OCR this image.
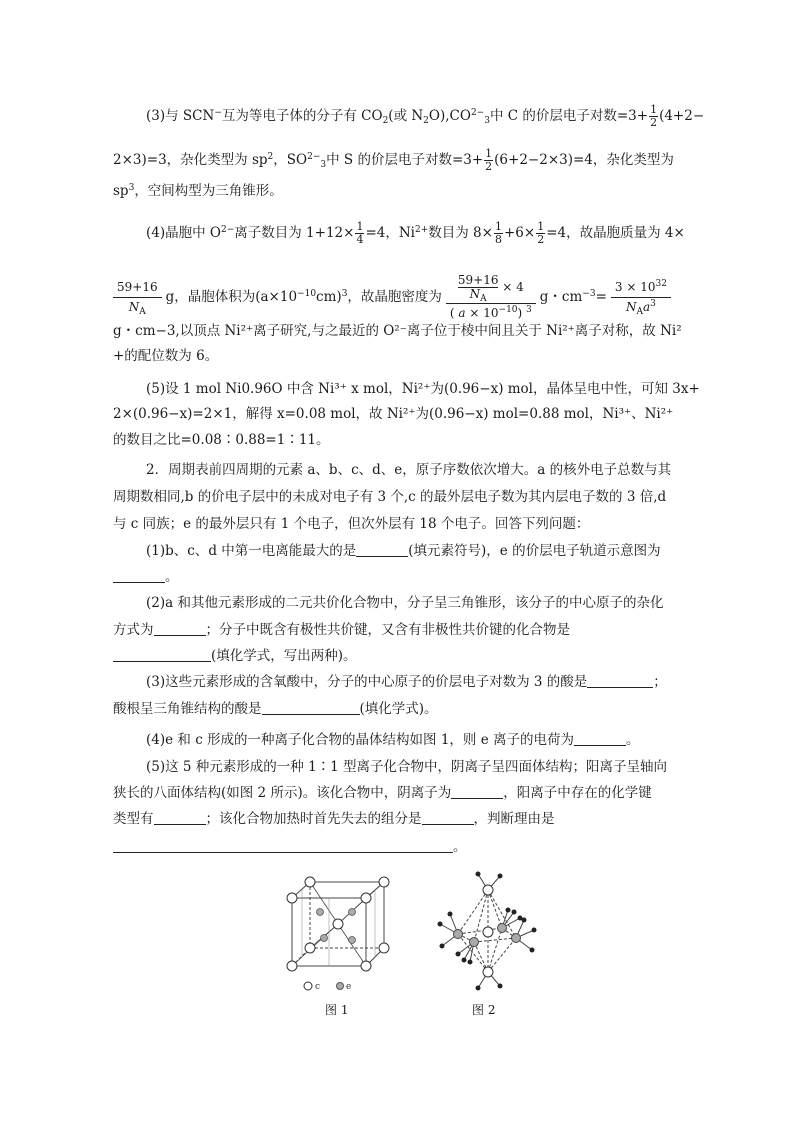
(3)与 SCN−互为等电子体的分子有 $CO_2$(或 $N_2O),CO^{2-}_3$中 C 的价层电子对数$=3+ \frac{1}{2} (4+2-$
2×3)=3，杂化类型为 $sp^2$，$SO^{2-}_3$中 S 的价层电子对数$=3+ \frac{1}{2} (6+2-2\times 3)=4$，杂化类型为
$sp^3$，空间构型为三角锥形。
(4)晶胞中 $O^{2-}$离子数目为 $1+12\times \frac{1}{4} =4$，$Ni^{2+}$数目为 $8\times \frac{1}{8} +6\times \frac{1}{2} =4$，故晶胞质量为 4×
$\frac{59+16}{N_A}$ g，晶胞体积为$(a\times 10^{-10}cm)^3$，故晶胞密度为 $\frac{\frac{59+16}{N_A} \times 4}{( a \times 10^{-10}) ^3}$ g・$cm^{-3}= \frac{3 \times 10^{32}}{N_Aa^3}$
g・cm−3,以顶点 Ni²⁺离子研究,与之最近的 O²⁻离子位于棱中间且关于 Ni²⁺离子对称，故 Ni²
+的配位数为 6。
(5)设 1 mol Ni0.96O 中含 Ni³⁺ x mol，Ni²⁺为(0.96−x) mol，晶体呈电中性，可知 3x+
2×(0.96−x)=2×1，解得 x=0.08 mol，故 Ni²⁺为(0.96−x) mol=0.88 mol，Ni³⁺、Ni²⁺
的数目之比=0.08∶0.88=1∶11。
2．周期表前四周期的元素 a、b、c、d、e，原子序数依次增大。a 的核外电子总数与其
周期数相同,b 的价电子层中的未成对电子有 3 个,c 的最外层电子数为其内层电子数的 3 倍,d
与 c 同族；e 的最外层只有 1 个电子，但次外层有 18 个电子。回答下列问题：
(1)b、c、d 中第一电离能最大的是	(填元素符号)，e 的价层电子轨道示意图为
。
(2)a 和其他元素形成的二元共价化合物中，分子呈三角锥形，该分子的中心原子的杂化
方式为	；分子中既含有极性共价键，又含有非极性共价键的化合物是
(填化学式，写出两种)。
(3)这些元素形成的含氧酸中，分子的中心原子的价层电子对数为 3 的酸是	；
酸根呈三角锥结构的酸是	(填化学式)。
(4)e 和 c 形成的一种离子化合物的晶体结构如图 1，则 e 离子的电荷为	。
(5)这 5 种元素形成的一种 1∶1 型离子化合物中，阴离子呈四面体结构；阳离子呈轴向
狭长的八面体结构(如图 2 所示)。该化合物中，阴离子为	，阳离子中存在的化学键
类型有	；该化合物加热时首先失去的组分是	，判断理由是
。
c	e
图 1	图 2
